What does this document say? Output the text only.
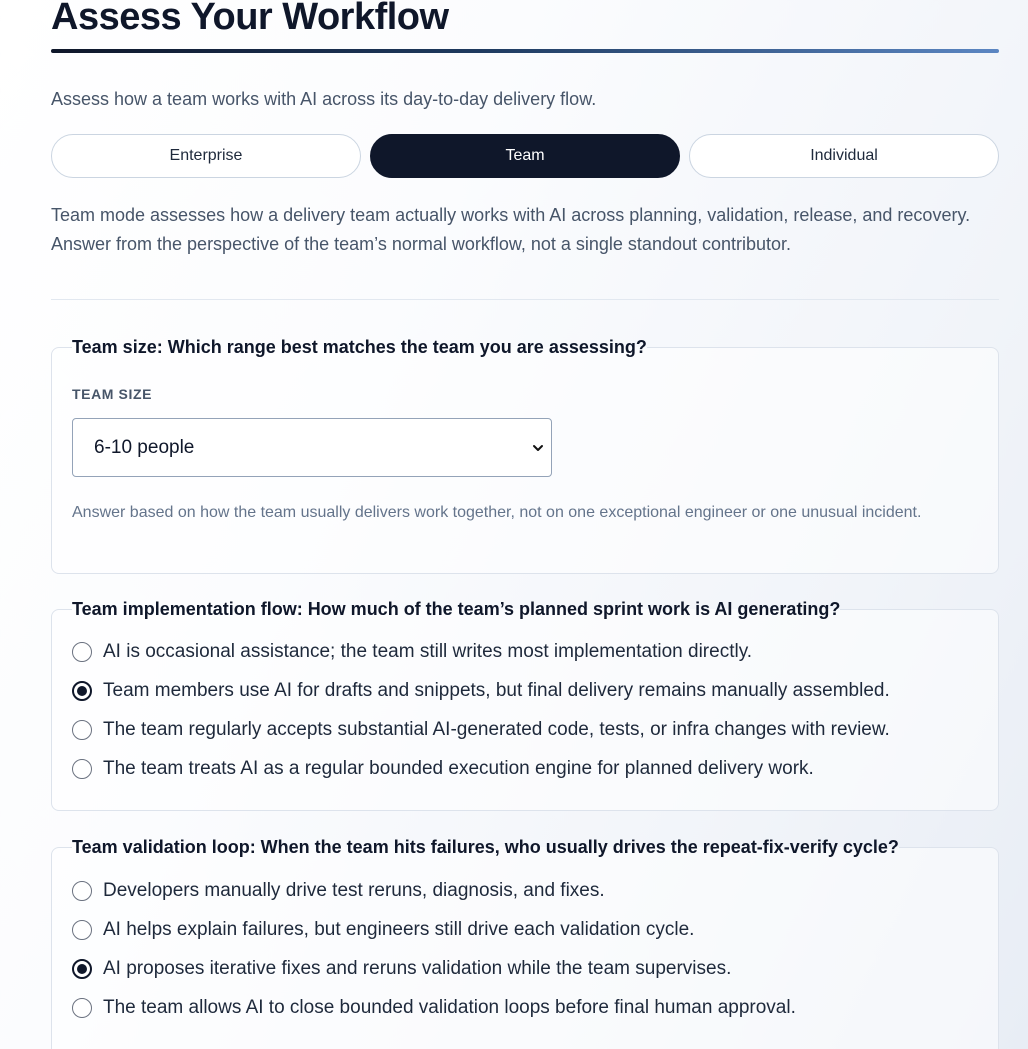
Assess Your Workflow

Assess how a team works with AI across its day-to-day delivery flow.

Enterprise	Team	Individual

Team mode assesses how a delivery team actually works with AI across planning, validation, release, and recovery. Answer from the perspective of the team’s normal workflow, not a single standout contributor.

Team size: Which range best matches the team you are assessing?
TEAM SIZE
6-10 people

Answer based on how the team usually delivers work together, not on one exceptional engineer or one unusual incident.

Team implementation flow: How much of the team’s planned sprint work is AI generating?
AI is occasional assistance; the team still writes most implementation directly.
Team members use AI for drafts and snippets, but final delivery remains manually assembled.
The team regularly accepts substantial AI-generated code, tests, or infra changes with review.
The team treats AI as a regular bounded execution engine for planned delivery work.
Team validation loop: When the team hits failures, who usually drives the repeat-fix-verify cycle?
Developers manually drive test reruns, diagnosis, and fixes.
AI helps explain failures, but engineers still drive each validation cycle.
AI proposes iterative fixes and reruns validation while the team supervises.
The team allows AI to close bounded validation loops before final human approval.
